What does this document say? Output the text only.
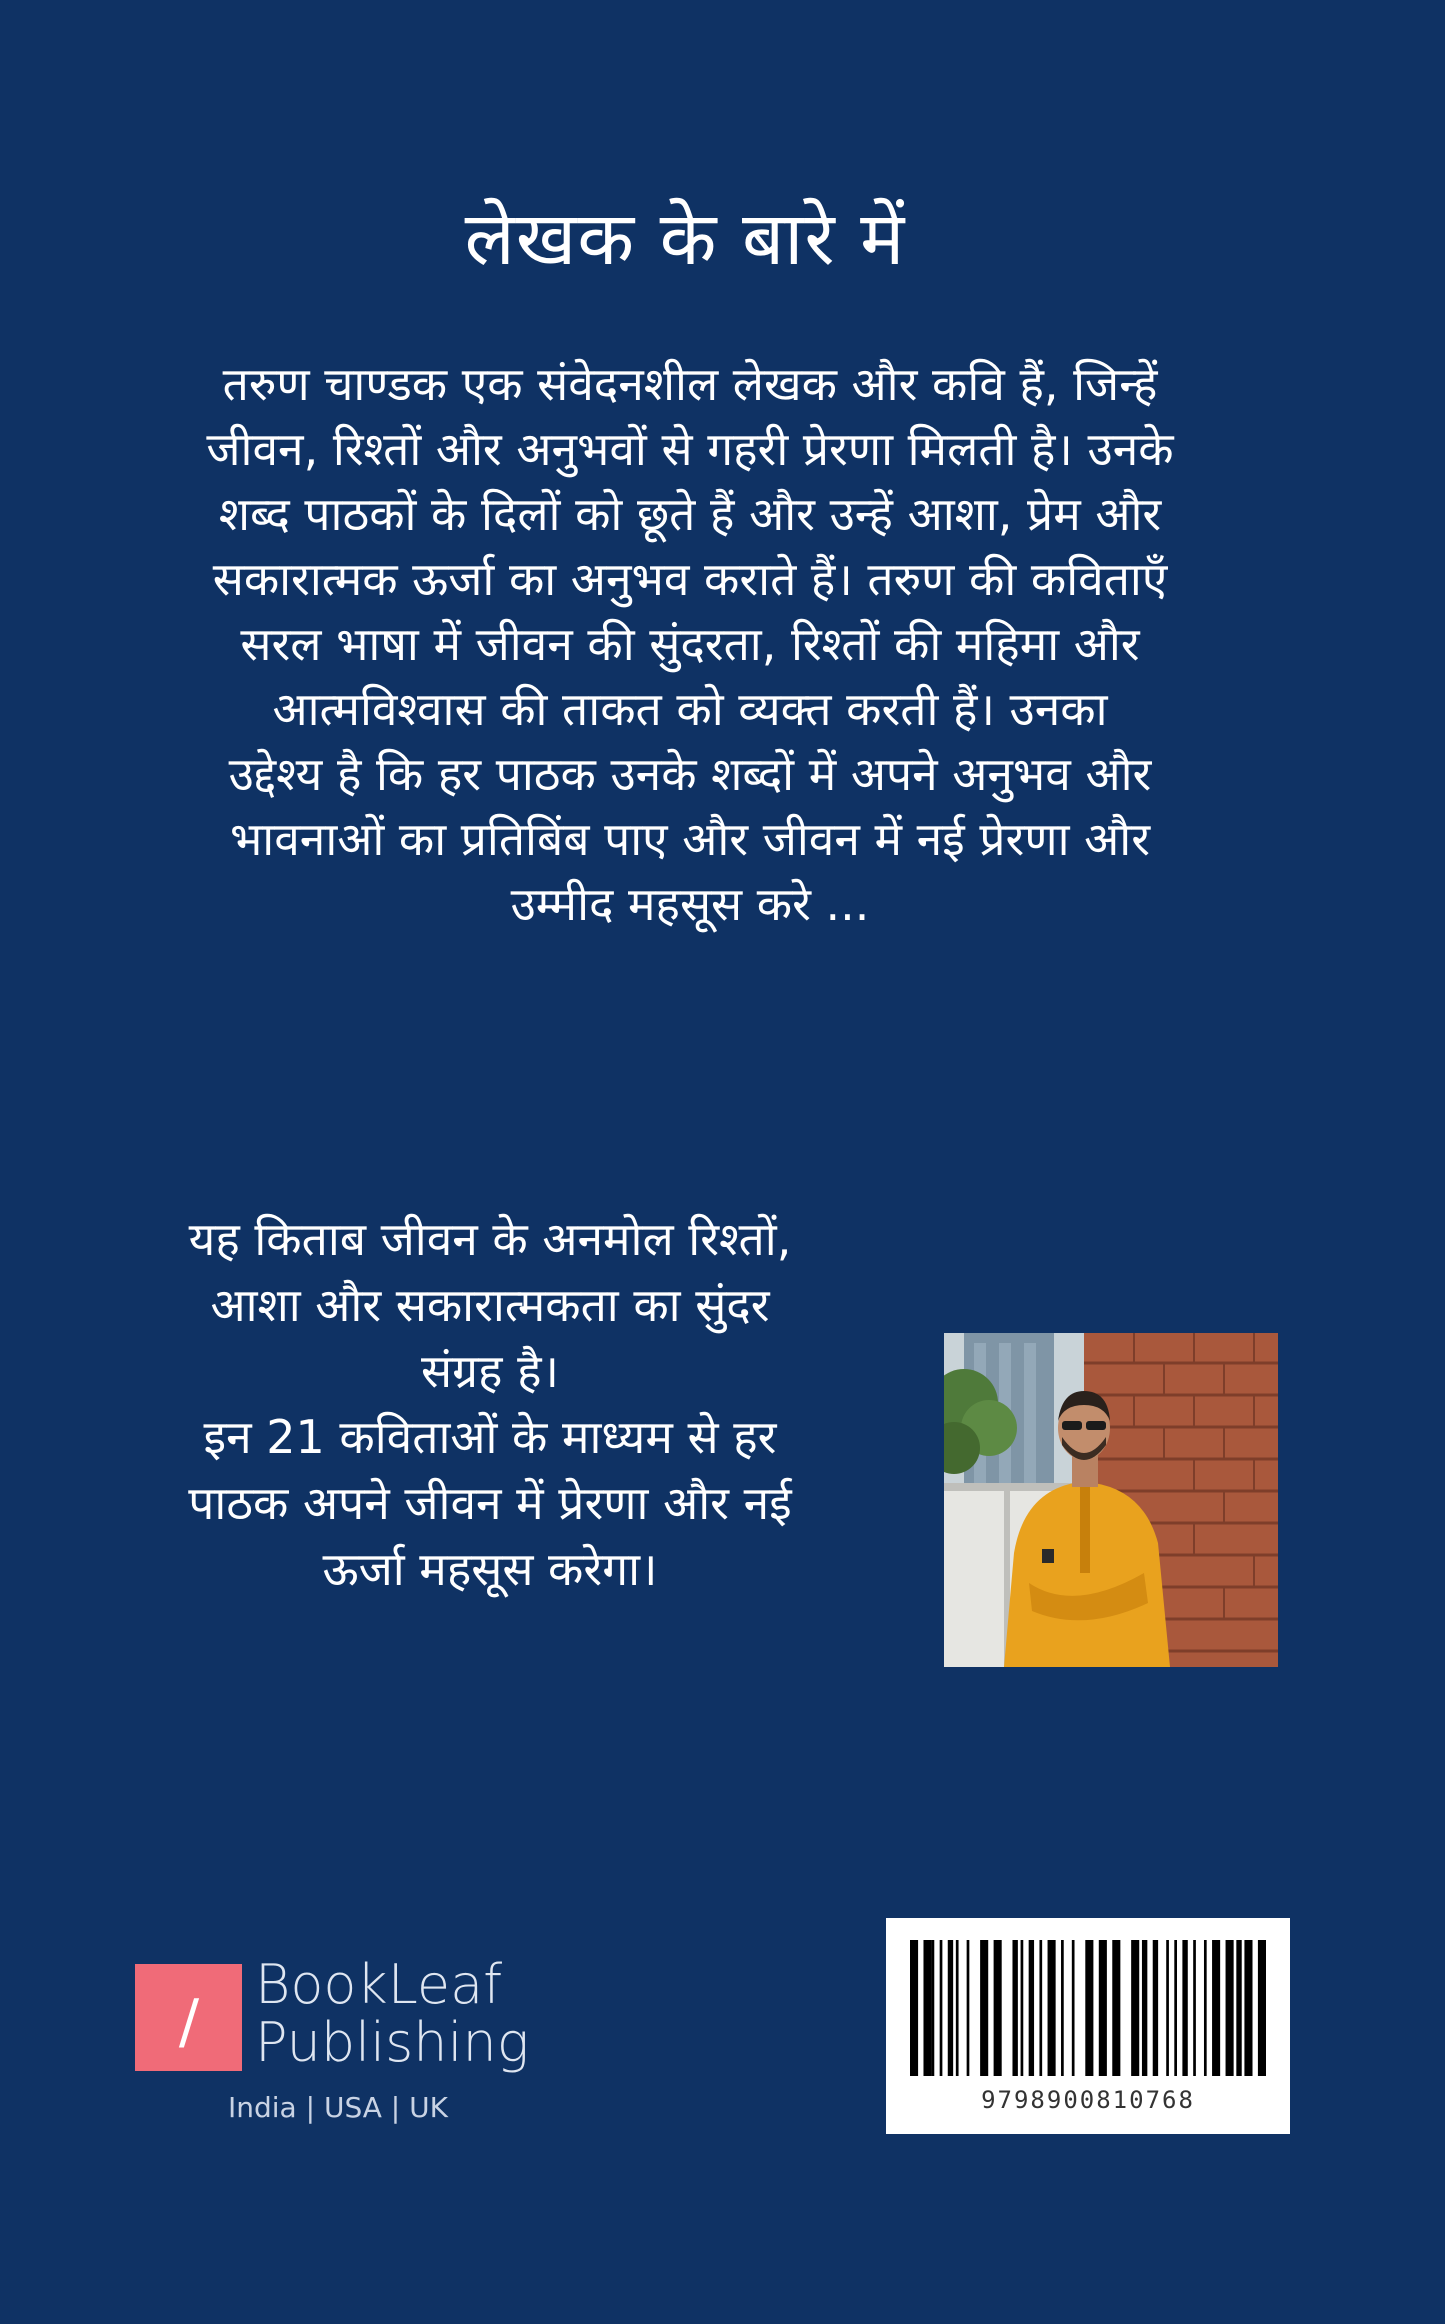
लेखक के बारे में

तरुण चाण्डक एक संवेदनशील लेखक और कवि हैं, जिन्हें
जीवन, रिश्तों और अनुभवों से गहरी प्रेरणा मिलती है। उनके
शब्द पाठकों के दिलों को छूते हैं और उन्हें आशा, प्रेम और
सकारात्मक ऊर्जा का अनुभव कराते हैं। तरुण की कविताएँ
सरल भाषा में जीवन की सुंदरता, रिश्तों की महिमा और
आत्मविश्वास की ताकत को व्यक्त करती हैं। उनका
उद्देश्य है कि हर पाठक उनके शब्दों में अपने अनुभव और
भावनाओं का प्रतिबिंब पाए और जीवन में नई प्रेरणा और
उम्मीद महसूस करे ...

यह किताब जीवन के अनमोल रिश्तों,
आशा और सकारात्मकता का सुंदर
संग्रह है।
इन 21 कविताओं के माध्यम से हर
पाठक अपने जीवन में प्रेरणा और नई
ऊर्जा महसूस करेगा।

/
BookLeaf
Publishing
India | USA | UK	9798900810768
